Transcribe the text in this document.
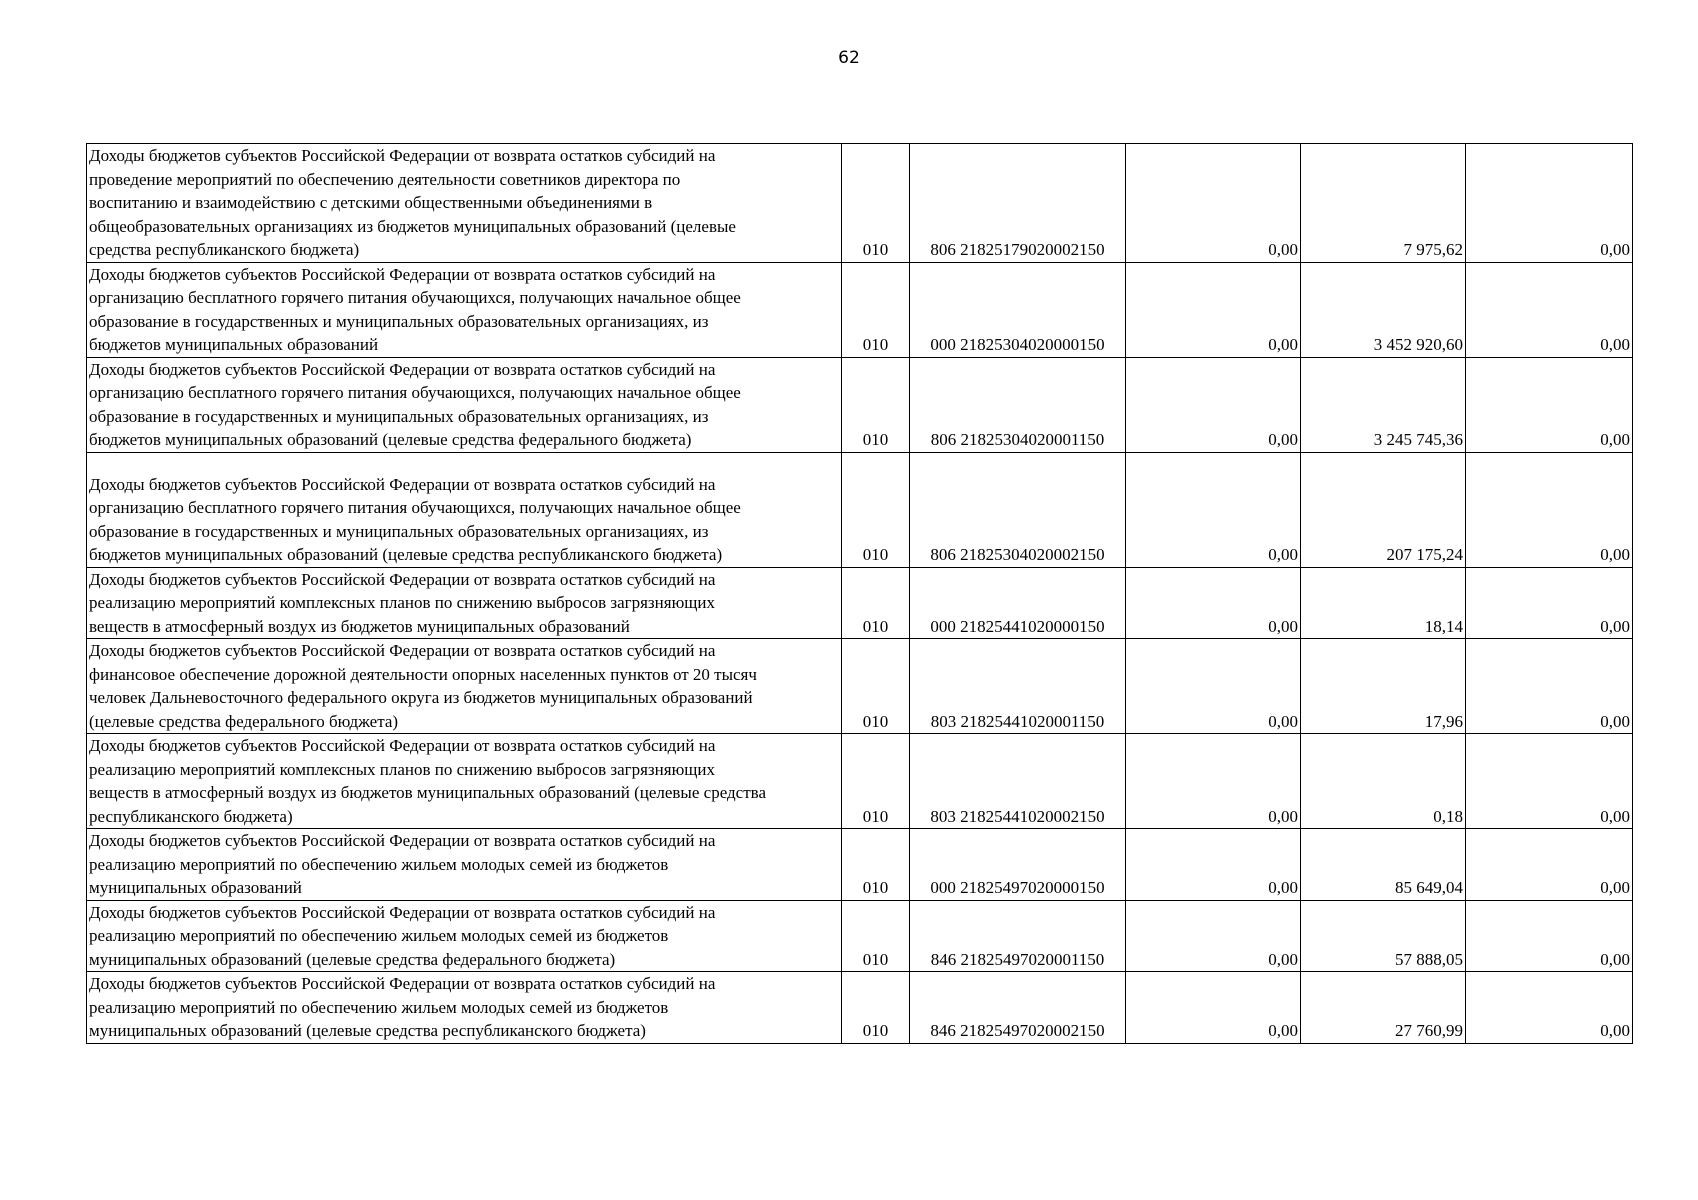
62
Доходы бюджетов субъектов Российской Федерации от возврата остатков субсидий на
проведение мероприятий по обеспечению деятельности советников директора по
воспитанию и взаимодействию с детскими общественными объединениями в
общеобразовательных организациях из бюджетов муниципальных образований (целевые
средства республиканского бюджета)	010	806 21825179020002150	0,00	7 975,62	0,00

Доходы бюджетов субъектов Российской Федерации от возврата остатков субсидий на
организацию бесплатного горячего питания обучающихся, получающих начальное общее
образование в государственных и муниципальных образовательных организациях, из
бюджетов муниципальных образований	010	000 21825304020000150	0,00	3 452 920,60	0,00

Доходы бюджетов субъектов Российской Федерации от возврата остатков субсидий на
организацию бесплатного горячего питания обучающихся, получающих начальное общее
образование в государственных и муниципальных образовательных организациях, из
бюджетов муниципальных образований (целевые средства федерального бюджета)	010	806 21825304020001150	0,00	3 245 745,36	0,00

Доходы бюджетов субъектов Российской Федерации от возврата остатков субсидий на
организацию бесплатного горячего питания обучающихся, получающих начальное общее
образование в государственных и муниципальных образовательных организациях, из
бюджетов муниципальных образований (целевые средства республиканского бюджета)	010	806 21825304020002150	0,00	207 175,24	0,00

Доходы бюджетов субъектов Российской Федерации от возврата остатков субсидий на
реализацию мероприятий комплексных планов по снижению выбросов загрязняющих
веществ в атмосферный воздух из бюджетов муниципальных образований	010	000 21825441020000150	0,00	18,14	0,00

Доходы бюджетов субъектов Российской Федерации от возврата остатков субсидий на
финансовое обеспечение дорожной деятельности опорных населенных пунктов от 20 тысяч
человек Дальневосточного федерального округа из бюджетов муниципальных образований
(целевые средства федерального бюджета)	010	803 21825441020001150	0,00	17,96	0,00

Доходы бюджетов субъектов Российской Федерации от возврата остатков субсидий на
реализацию мероприятий комплексных планов по снижению выбросов загрязняющих
веществ в атмосферный воздух из бюджетов муниципальных образований (целевые средства
республиканского бюджета)	010	803 21825441020002150	0,00	0,18	0,00

Доходы бюджетов субъектов Российской Федерации от возврата остатков субсидий на
реализацию мероприятий по обеспечению жильем молодых семей из бюджетов
муниципальных образований	010	000 21825497020000150	0,00	85 649,04	0,00

Доходы бюджетов субъектов Российской Федерации от возврата остатков субсидий на
реализацию мероприятий по обеспечению жильем молодых семей из бюджетов
муниципальных образований (целевые средства федерального бюджета)	010	846 21825497020001150	0,00	57 888,05	0,00

Доходы бюджетов субъектов Российской Федерации от возврата остатков субсидий на
реализацию мероприятий по обеспечению жильем молодых семей из бюджетов
муниципальных образований (целевые средства республиканского бюджета)	010	846 21825497020002150	0,00	27 760,99	0,00
